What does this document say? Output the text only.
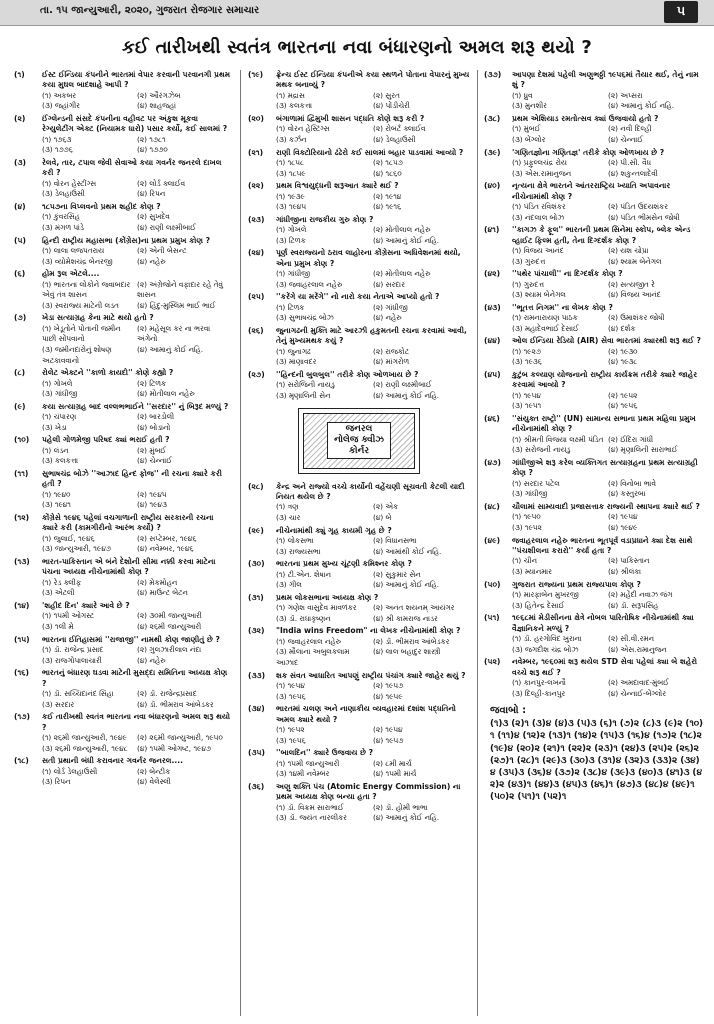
તા. ૧૫ જાન્યુઆરી, ૨૦૨૦, ગુજરાત રોજગાર સમાચાર	૫
કઈ તારીખથી સ્વતંત્ર ભારતના નવા બંધારણનો અમલ શરૂ થયો ?
(૧)	ઈસ્ટ ઈન્ડિયા કંપનીને ભારતમાં વેપાર કરવાની પરવાનગી પ્રથમ કયા મુઘલ બાદશાહે આપી ?
(૧) અકબર	(૨) ઔરંગઝેબ
(૩) જહાંગીર	(૪) શાહજહાં
(૨)	ઈંગ્લેન્ડની સંસદે કંપનીના વહીવટ પર અંકુશ મૂકવા રેગ્યુલેટીંગ એક્ટ (નિયામક ધારો) પસાર કર્યો, કઈ સાલમાં ?
(૧) ૧૭૬૩	(૨) ૧૭૮૧
(૩) ૧૭૭૬	(૪) ૧૭૭૦
(૩)	રેલવે, તાર, ટપાલ જેવી સેવાઓ કયા ગવર્નર જનરલે દાખલ કરી ?
(૧) વોરન હેસ્ટીંગ્સ	(૨) લોર્ડ ક્લાઈવ
(૩) ડેલહાઉસી	(૪) રિપન
(૪)	૧૮૫૭ના વિપ્લવનો પ્રથમ શહીદ કોણ ?
(૧) કુંવરસિંહ	(૨) સુખદેવ
(૩) મંગળ પાંડે	(૪) રાણી લક્ષ્મીબાઈ
(૫)	હિન્દી રાષ્ટ્રીય મહાસભા (કોંગ્રેસ)ના પ્રથમ પ્રમુખ કોણ ?
(૧) લાલા લજપતરાય	(૨) એની બેસન્ટ
(૩) વ્યોમેશચંદ્ર બેનરજી	(૪) નહેરુ
(૬)	હોમ રૂલ એટલે....
(૧) ભારતના લોકોને જવાબદાર એવું તંત્ર શાસન
(૨) અંગ્રેજોને વફાદાર રહે તેવું શાસન
(૩) સ્વરાજ્ય માટેની લડત	(૪) હિંદુ-મુસ્લિમ ભાઈ ભાઈ
(૭)	ખેડા સત્યાગ્રહ કેના માટે થયો હતો ?
(૧) ખેડૂતોને પોતાની જમીન પાછી સોંપવાનો
(૨) મહેસૂલ કર ના ભરવા અંગેનો
(૩) જમીનદારોનું શોષણ અટકાવવાનો
(૪) આમાનું કોઈ નહિ.
(૮)	રોલેટ એક્ટને ''કાળો કાયદો'' કોણે કહ્યો ?
(૧) ગોખલે	(૨) ટિળક
(૩) ગાંધીજી	(૪) મોતીલાલ નહેરુ
(૯)	કયા સત્યાગ્રહ બાદ વલ્લભભાઈને ''સરદાર'' નું બિરૂદ મળ્યું ?
(૧) ચંપારણ	(૨) બારડોલી
(૩) ખેડા	(૪) બોડાનો
(૧૦)	પહેલી ગોળમેજી પરિષદ ક્યાં ભરાઈ હતી ?
(૧) લંડન	(૨) મુંબઈ
(૩) કલકત્તા	(૪) ચેન્નાઈ
(૧૧)	સુભાષચંદ્ર બોઝે ''આઝાદ હિન્દ ફોજ'' ની રચના ક્યારે કરી હતી ?
(૧) ૧૯૪૦	(૨) ૧૯૪૫
(૩) ૧૯૪૧	(૪) ૧૯૪૩
(૧૨)	કોંગ્રેસે ૧૯૪૬ પહેલાં વચગાળાની રાષ્ટ્રીય સરકારની રચના ક્યારે કરી (કામગીરીનો આરંભ કર્યો) ?
(૧) જુલાઈ, ૧૯૪૬	(૨) સપ્ટેમ્બર, ૧૯૪૬
(૩) જાન્યુઆરી, ૧૯૪૭	(૪) નવેમ્બર, ૧૯૪૬
(૧૩)	ભારત-પાકિસ્તાન એ બંને દેશોની સીમા નક્કી કરવા માટેના પંચના અધ્યક્ષ નીચેનામાંથી કોણ ?
(૧) રેડ ક્લીફ	(૨) મેકમોહન
(૩) એટલી	(૪) માઉન્ટ બેટન
(૧૪)	'શહીદ દિન' ક્યારે આવે છે ?
(૧) ૧૫મી ઓગસ્ટ	(૨) ૩૦મી જાન્યુઆરી
(૩) ૧લી મે	(૪) ૨૬મી જાન્યુઆરી
(૧૫)	ભારતના ઈતિહાસમાં ''રાજાજી'' નામથી કોણ જાણીતું છે ?
(૧) ડૉ. રાજેન્દ્ર પ્રસાદ	(૨) ગુલઝારીલાલ નંદા
(૩) રાજગોપાલાચારી	(૪) નહેરુ
(૧૬)	ભારતનું બંધારણ ઘડવા માટેની મુસદ્દા સમિતિના અધ્યક્ષ કોણ ?
(૧) ડૉ. સચ્ચિદાનંદ સિંહા	(૨) ડૉ. રાજેન્દ્રપ્રસાદ
(૩) સરદાર	(૪) ડૉ. ભીમરાવ આંબેડકર
(૧૭)	કઈ તારીખથી સ્વતંત્ર ભારતના નવા બંધારણનો અમલ શરૂ થયો ?
(૧) ૨૬મી જાન્યુઆરી, ૧૯૪૯	(૨) ૨૬મી જાન્યુઆરી, ૧૯૫૦
(૩) ૨૬મી જાન્યુઆરી, ૧૯૪૮	(૪) ૧૫મી ઓગષ્ટ, ૧૯૪૭
(૧૮)	સતી પ્રથાની બંધી કરાવનાર ગવર્નર જનરલ....
(૧) લોર્ડ ડેલહાઉસી	(૨) બેન્ટીક
(૩) રિપન	(૪) વેલેસ્લી
(૧૯)	ફ્રેન્ચ ઈસ્ટ ઈન્ડિયા કંપનીએ કયા સ્થળને પોતાના વેપારનું મુખ્ય મથક બનાવ્યું ?
(૧) મદ્રાસ	(૨) સુરત
(૩) કલકત્તા	(૪) પોંડીચેરી
(૨૦)	બંગાળામાં દ્વિમુખી શાસન પદ્ધતિ કોણે શરૂ કરી ?
(૧) વોરન હેસ્ટિંગ્સ	(૨) રોબર્ટ ક્લાઈવ
(૩) કર્ઝન	(૪) ડેલહાઉસી
(૨૧)	રાણી વિક્ટોરિયાનો ઢંઢેરો કઈ સાલમાં બહાર પાડવામાં આવ્યો ?
(૧) ૧૮૫૮	(૨) ૧૮૫૭
(૩) ૧૮૫૯	(૪) ૧૮૬૦
(૨૨)	પ્રથમ વિશ્વયુદ્ધની શરૂઆત ક્યારે થઈ ?
(૧) ૧૯૩૯	(૨) ૧૯૧૪
(૩) ૧૯૪૫	(૪) ૧૯૧૬
(૨૩)	ગાંધીજીના રાજકીય ગુરુ કોણ ?
(૧) ગોખલે	(૨) મોતીલાલ નહેરુ
(૩) ટિળક	(૪) આમાનું કોઈ નહિ.
(૨૪)	પૂર્ણ સ્વરાજ્યનો ઠરાવ લાહોરના કોંગ્રેસના અધિવેશનમાં થયો, એના પ્રમુખ કોણ ?
(૧) ગાંધીજી	(૨) મોતીલાલ નહેરુ
(૩) જવાહરલાલ નહેરુ	(૪) સરદાર
(૨૫)	''કરેંગે યા મરેંગે'' નો નારો કયા નેતાએ આપ્યો હતો ?
(૧) ટિળક	(૨) ગાંધીજી
(૩) સુભાષચંદ્ર બોઝ	(૪) નહેરુ
(૨૬)	જુનાગઢની મુક્તિ માટે આરઝી હકુમતની રચના કરવામાં આવી, તેનું મુખ્યમથક કયું ?
(૧) જુનાગઢ	(૨) રાજકોટ
(૩) માણાવદર	(૪) માંગરોળ
(૨૭)	''હિન્દની બુલબુલ'' તરીકે કોણ ઓળખાય છે ?
(૧) સરોજિની નાયડુ	(૨) રાણી લક્ષ્મીબાઈ
(૩) મૃણાલિની સેન	(૪) આમાનું કોઈ નહિ.
જનરલ નોલેજ ક્વીઝ કોર્નર
(૨૮)	કેન્દ્ર અને રાજ્યો વચ્ચે કાર્યોની વહેંચણી સૂચવતી કેટલી યાદી નિયત થયેલ છે ?
(૧) ત્રણ	(૨) એક
(૩) ચાર	(૪) બે
(૨૯)	નીચેનામાંથી ક્યું ગૃહ કાયમી ગૃહ છે ?
(૧) લોકસભા	(૨) વિધાનસભા
(૩) રાજ્યસભા	(૪) આમાંથી કોઈ નહિ.
(૩૦)	ભારતના પ્રથમ મુખ્ય ચૂંટણી કમિશ્નર કોણ ?
(૧) ટી.એન. શેષાન	(૨) સુકુમાર સેન
(૩) ગીલ	(૪) આમાનું કોઈ નહિ.
(૩૧)	પ્રથમ લોકસભાના અધ્યક્ષ કોણ ?
(૧) ગણેશ વાસુદેવ માવળંકર	(૨) અનંત શયનમ્ આયંગર
(૩) ડૉ. રાધાકૃષ્ણન	(૪) શ્રી કામરાજ નાડર
(૩૨)	"India wins Freedom" ના લેખક નીચેનામાંથી કોણ ?
(૧) જવાહરલાલ નહેરુ	(૨) ડૉ. ભીમરાવ આંબેડકર
(૩) મૌલાના અબુલકલામ આઝાદ
(૪) લાલ બહાદુર શાસ્ત્રી
(૩૩)	શક સંવત આધારિત આપણું રાષ્ટ્રીય પંચાંગ ક્યારે જાહેર થયું ?
(૧) ૧૯૫૪	(૨) ૧૯૫૭
(૩) ૧૯૫૬	(૪) ૧૯૫૯
(૩૪)	ભારતમાં ચલણ અને નાણાકીય વ્યવહારમાં દશાંશ પદ્ધતિનો અમલ ક્યારે થયો ?
(૧) ૧૯૫૨	(૨) ૧૯૫૪
(૩) ૧૯૫૬	(૪) ૧૯૫૭
(૩૫)	''બાલદિન'' ક્યારે ઉજવાય છે ?
(૧) ૧૫મી જાન્યુઆરી	(૨) ૮મી માર્ચ
(૩) ૧૪મી નવેમ્બર	(૪) ૧૫મી માર્ચ
(૩૬)	અણુ શક્તિ પંચ (Atomic Energy Commission) ના પ્રથમ અધ્યક્ષ કોણ બન્યા હતા ?
(૧) ડૉ. વિક્રમ સારાભાઈ	(૨) ડૉ. હોમી ભાભા
(૩) ડૉ. જયંત નારલીકર	(૪) આમાનું કોઈ નહિ.
(૩૭)	આપણા દેશમાં પહેલી અણુભઠ્ઠી ૧૯૫૬માં તૈયાર થઈ, તેનું નામ શું ?
(૧) ધ્રુવ	(૨) અપ્સરા
(૩) મુનશીર	(૪) આમાનું કોઈ નહિ.
(૩૮)	પ્રથમ એશિયાડ રમતોત્સવ ક્યાં ઉજવાયો હતો ?
(૧) મુંબઈ	(૨) નવી દિલ્હી
(૩) બેંગ્લોર	(૪) ચેન્નાઈ
(૩૯)	'ગણિતજ્ઞોના ગણિતજ્ઞ' તરીકે કોણ ઓળખાય છે ?
(૧) પ્રફુલ્લચંદ્ર રોય	(૨) પી.સી. વૈધ
(૩) એસ.રામાનુજન	(૪) શકુન્તલાદેવી
(૪૦)	નૃત્યના ક્ષેત્રે ભારતને આંતરરાષ્ટ્રિય ખ્યાતિ અપાવનાર નીચેનામાંથી કોણ ?
(૧) પંડિત રવિશંકર	(૨) પંડિત ઉદયશંકર
(૩) નંદલાલ બોઝ	(૪) પંડિત ભીમસેન જોષી
(૪૧)	''કાગઝ કે ફૂલ'' ભારતની પ્રથમ સિનેમા સ્કોપ, બ્લેક એન્ડ વ્હાઈટ ફિલ્મ હતી, તેના દિગ્દર્શક કોણ ?
(૧) વિજય આનંદ	(૨) યશ ચોપ્રા
(૩) ગુરુદત્ત	(૪) શ્યામ બેનેગલ
(૪૨)	''પથેર પાંચાલી'' ના દિગ્દર્શક કોણ ?
(૧) ગુરુદત્ત	(૨) સત્યજીત રે
(૩) શ્યામ બેનેગલ	(૪) વિજય આનંદ
(૪૩)	''ભૂતત્ત નિગમ'' ના લેખક કોણ ?
(૧) રામનારાયણ પાઠક	(૨) ઉમાશંકર જોષી
(૩) મહાદેવભાઈ દેસાઈ	(૪) દર્શક
(૪૪)	ઓલ ઈન્ડિયા રેડિયો (AIR) સેવા ભારતમાં ક્યારથી શરૂ થઈ ?
(૧) ૧૯૨૭	(૨) ૧૯૩૦
(૩) ૧૯૩૬	(૪) ૧૯૩૮
(૪૫)	કુટુંબ કલ્યાણ યોજનાનો રાષ્ટ્રીય કાર્યક્રમ તરીકે ક્યારે જાહેર કરવામાં આવ્યો ?
(૧) ૧૯૫૪	(૨) ૧૯૫૨
(૩) ૧૯૫૧	(૪) ૧૯૫૬
(૪૬)	''સંયુક્ત રાષ્ટ્રો'' (UN) સામાન્ય સભાના પ્રથમ મહિલા પ્રમુખ નીચેનામાંથી કોણ ?
(૧) શ્રીમતી વિજયા લક્ષ્મી પંડિત (૨) ઈંદિરા ગાંધી
(૩) સરોજની નાયડુ	(૪) મૃણાલિની સારાભાઈ
(૪૭)	ગાંધીજીએ શરૂ કરેલ વ્યક્તિગત સત્યાગ્રહના પ્રથમ સત્યાગ્રહી કોણ ?
(૧) સરદાર પટેલ	(૨) વિનોબા ભાવે
(૩) ગાંધીજી	(૪) કસ્તુરબા
(૪૮)	ચૌલામાં સામ્યવાદી પ્રજાસત્તાક રાજ્યની સ્થાપના ક્યારે થઈ ?
(૧) ૧૯૫૦	(૨) ૧૯૫૪
(૩) ૧૯૫૨	(૪) ૧૯૪૯
(૪૯)	જવાહરલાલ નહેરુ ભારતના ભૂતપૂર્વ વડાપ્રધાને ક્યા દેશ સાથે ''પંચશીલના કરારો'' કર્યા હતા ?
(૧) ચીન	(૨) પાકિસ્તાન
(૩) મ્યાનમાર	(૪) શ્રીલંકા
(૫૦)	ગુજરાત રાજ્યના પ્રથમ રાજ્યપાલ કોણ ?
(૧) મારફાબેન મુખરજી	(૨) મહેંદી નવાઝ જંગ
(૩) હિતેન્દ્ર દેસાઈ	(૪) ડૉ. સરૂપસિંહ
(૫૧)	૧૯૬૮માં મેડીસીનના ક્ષેત્રે નોબલ પારિતોષિક નીચેનામાંથી ક્યા વૈજ્ઞાનિકને મળ્યું ?
(૧) ડૉ. હરગોવિંદ ખુરાના	(૨) સી.વી.રમન
(૩) જગદીશ ચંદ્ર બોઝ	(૪) એસ.રામાનુજન
(૫૨)	નવેમ્બર, ૧૯૬૦માં શરૂ થયેલ STD સેવા પહેલાં ક્યા બે શહેરો વચ્ચે શરૂ થઈ ?
(૧) કાનપુર-લખનૌ	(૨) અમદાવાદ-મુંબઈ
(૩) દિલ્હી-કાનપુર	(૪) ચેન્નાઈ-બેંગ્લોર
જવાબો :
(૧)૩ (૨)૧ (૩)૪ (૪)૩ (૫)૩ (૬)૧ (૭)૨ (૮)૩ (૯)૨ (૧૦)૧ (૧૧)૪ (૧૨)૨ (૧૩)૧ (૧૪)૨ (૧૫)૩ (૧૬)૪ (૧૭)૨ (૧૮)૨ (૧૯)૪ (૨૦)૨ (૨૧)૧ (૨૨)૨ (૨૩)૧ (૨૪)૩ (૨૫)૨ (૨૬)૨ (૨૭)૧ (૨૮)૧ (૨૯)૩ (૩૦)૩ (૩૧)૪ (૩૨)૩ (૩૩)૨ (૩૪)૪ (૩૫)૩ (૩૬)૪ (૩૭)૨ (૩૮)૪ (૩૯)૩ (૪૦)૩ (૪૧)૩ (૪૨)૨ (૪૩)૧ (૪૪)૩ (૪૫)૩ (૪૬)૧ (૪૭)૩ (૪૮)૪ (૪૯)૧ (૫૦)૨ (૫૧)૧ (૫૨)૧
